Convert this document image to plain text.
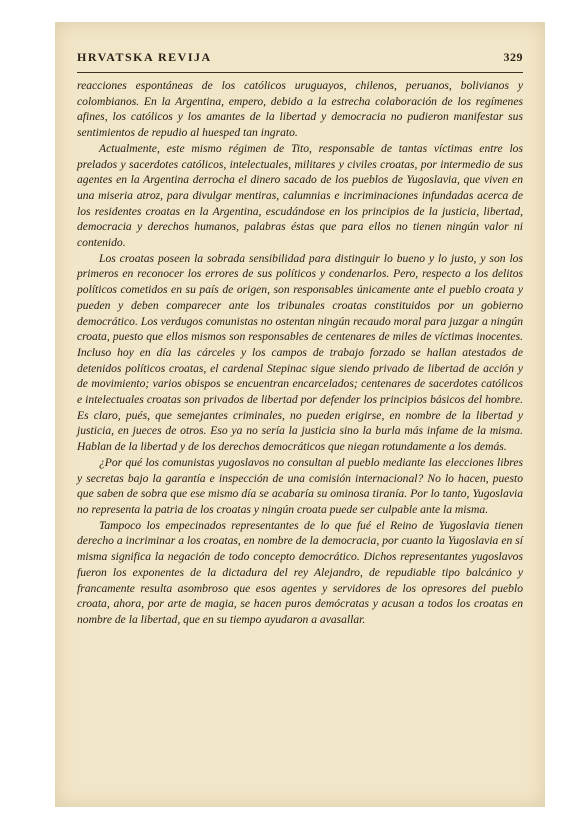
HRVATSKA REVIJA	329

reacciones espontáneas de los católicos uruguayos, chilenos, peruanos, bolivianos y colombianos. En la Argentina, empero, debido a la estrecha colaboración de los regímenes afines, los católicos y los amantes de la libertad y democracia no pudieron manifestar sus sentimientos de repudio al huesped tan ingrato.

Actualmente, este mismo régimen de Tito, responsable de tantas víctimas entre los prelados y sacerdotes católicos, intelectuales, militares y civiles croatas, por intermedio de sus agentes en la Argentina derrocha el dinero sacado de los pueblos de Yugoslavia, que viven en una miseria atroz, para divulgar mentiras, calumnias e incriminaciones infundadas acerca de los residentes croatas en la Argentina, escudándose en los principios de la justicia, libertad, democracia y derechos humanos, palabras éstas que para ellos no tienen ningún valor ni contenido.

Los croatas poseen la sobrada sensibilidad para distinguir lo bueno y lo justo, y son los primeros en reconocer los errores de sus políticos y condenarlos. Pero, respecto a los delitos políticos cometidos en su país de origen, son responsables únicamente ante el pueblo croata y pueden y deben comparecer ante los tribunales croatas constituidos por un gobierno democrático. Los verdugos comunistas no ostentan ningún recaudo moral para juzgar a ningún croata, puesto que ellos mismos son responsables de centenares de miles de víctimas inocentes. Incluso hoy en día las cárceles y los campos de trabajo forzado se hallan atestados de detenidos políticos croatas, el cardenal Stepinac sigue siendo privado de libertad de acción y de movimiento; varios obispos se encuentran encarcelados; centenares de sacerdotes católicos e intelectuales croatas son privados de libertad por defender los principios básicos del hombre. Es claro, pués, que semejantes criminales, no pueden erigirse, en nombre de la libertad y justicia, en jueces de otros. Eso ya no sería la justicia sino la burla más infame de la misma. Hablan de la libertad y de los derechos democráticos que niegan rotundamente a los demás.

¿Por qué los comunistas yugoslavos no consultan al pueblo mediante las elecciones libres y secretas bajo la garantía e inspección de una comisión internacional? No lo hacen, puesto que saben de sobra que ese mismo día se acabaría su ominosa tiranía. Por lo tanto, Yugoslavia no representa la patria de los croatas y ningún croata puede ser culpable ante la misma.

Tampoco los empecinados representantes de lo que fué el Reino de Yugoslavia tienen derecho a incriminar a los croatas, en nombre de la democracia, por cuanto la Yugoslavia en sí misma significa la negación de todo concepto democrático. Dichos representantes yugoslavos fueron los exponentes de la dictadura del rey Alejandro, de repudiable tipo balcánico y francamente resulta asombroso que esos agentes y servidores de los opresores del pueblo croata, ahora, por arte de magia, se hacen puros demócratas y acusan a todos los croatas en nombre de la libertad, que en su tiempo ayudaron a avasallar.
